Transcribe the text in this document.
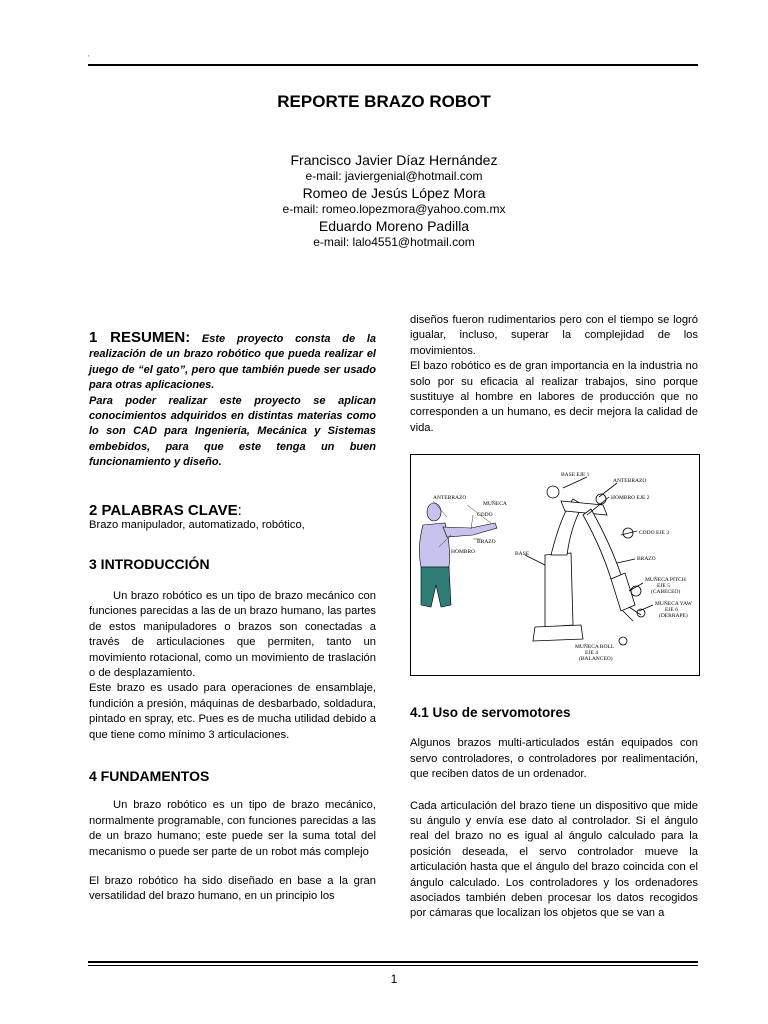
,
REPORTE BRAZO ROBOT
Francisco Javier Díaz Hernández
e-mail: javiergenial@hotmail.com
Romeo de Jesús López Mora
e-mail: romeo.lopezmora@yahoo.com.mx
Eduardo Moreno Padilla
e-mail: lalo4551@hotmail.com

1 RESUMEN: Este proyecto consta de la realización de un brazo robótico que pueda realizar el juego de “el gato”, pero que también puede ser usado para otras aplicaciones.

Para poder realizar este proyecto se aplican conocimientos adquiridos en distintas materias como lo son CAD para Ingeniería, Mecánica y Sistemas embebidos, para que este tenga un buen funcionamiento y diseño.

2 PALABRAS CLAVE:

Brazo manipulador, automatizado, robótico,

3 INTRODUCCIÓN

Un brazo robótico es un tipo de brazo mecánico con funciones parecidas a las de un brazo humano, las partes de estos manipuladores o brazos son conectadas a través de articulaciones que permiten, tanto un movimiento rotacional, como un movimiento de traslación o de desplazamiento.

Este brazo es usado para operaciones de ensamblaje, fundición a presión, máquinas de desbarbado, soldadura, pintado en spray, etc. Pues es de mucha utilidad debido a que tiene como mínimo 3 articulaciones.

4 FUNDAMENTOS

Un brazo robótico es un tipo de brazo mecánico, normalmente programable, con funciones parecidas a las de un brazo humano; este puede ser la suma total del mecanismo o puede ser parte de un robot más complejo

El brazo robótico ha sido diseñado en base a la gran versatilidad del brazo humano, en un principio los

diseños fueron rudimentarios pero con el tiempo se logró igualar, incluso, superar la complejidad de los movimientos.

El bazo robótico es de gran importancia en la industria no solo por su eficacia al realizar trabajos, sino porque sustituye al hombre en labores de producción que no corresponden a un humano, es decir mejora la calidad de vida.

ANTEBRAZO
MUÑECA
CODO
BRAZO
HOMBRO
BASE EJE 1
ANTEBRAZO
HOMBRO EJE 2
CODO EJE 3
BASE
BRAZO
MUÑECA PITCH
EJE 5
(CABECEO)
MUÑECA YAW
EJE 6
(DERRAPE)
MUÑECA ROLL
EJE 4
(BALANCEO)
4.1 Uso de servomotores

Algunos brazos multi-articulados están equipados con servo controladores, o controladores por realimentación, que reciben datos de un ordenador.

Cada articulación del brazo tiene un dispositivo que mide su ángulo y envía ese dato al controlador. Si el ángulo real del brazo no es igual al ángulo calculado para la posición deseada, el servo controlador mueve la articulación hasta que el ángulo del brazo coincida con el ángulo calculado. Los controladores y los ordenadores asociados también deben procesar los datos recogidos por cámaras que localizan los objetos que se van a

1
